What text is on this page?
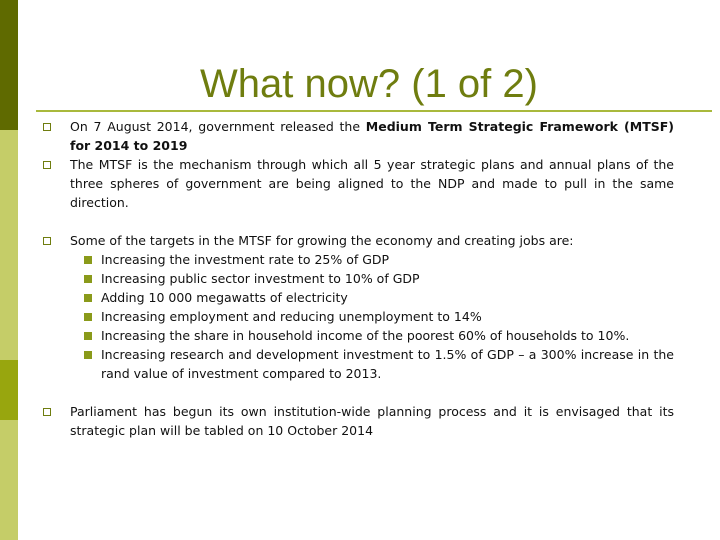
What now? (1 of 2)
On 7 August 2014, government released the Medium Term Strategic Framework (MTSF) for 2014 to 2019
The MTSF is the mechanism through which all 5 year strategic plans and annual plans of the three spheres of government are being aligned to the NDP and made to pull in the same direction.
Some of the targets in the MTSF for growing the economy and creating jobs are:
Increasing the investment rate to 25% of GDP
Increasing public sector investment to 10% of GDP
Adding 10 000 megawatts of electricity
Increasing employment and reducing unemployment to 14%
Increasing the share in household income of the poorest 60% of households to 10%.
Increasing research and development investment to 1.5% of GDP – a 300% increase in the rand value of investment compared to 2013.
Parliament has begun its own institution-wide planning process and it is envisaged that its strategic plan will be tabled on 10 October 2014
